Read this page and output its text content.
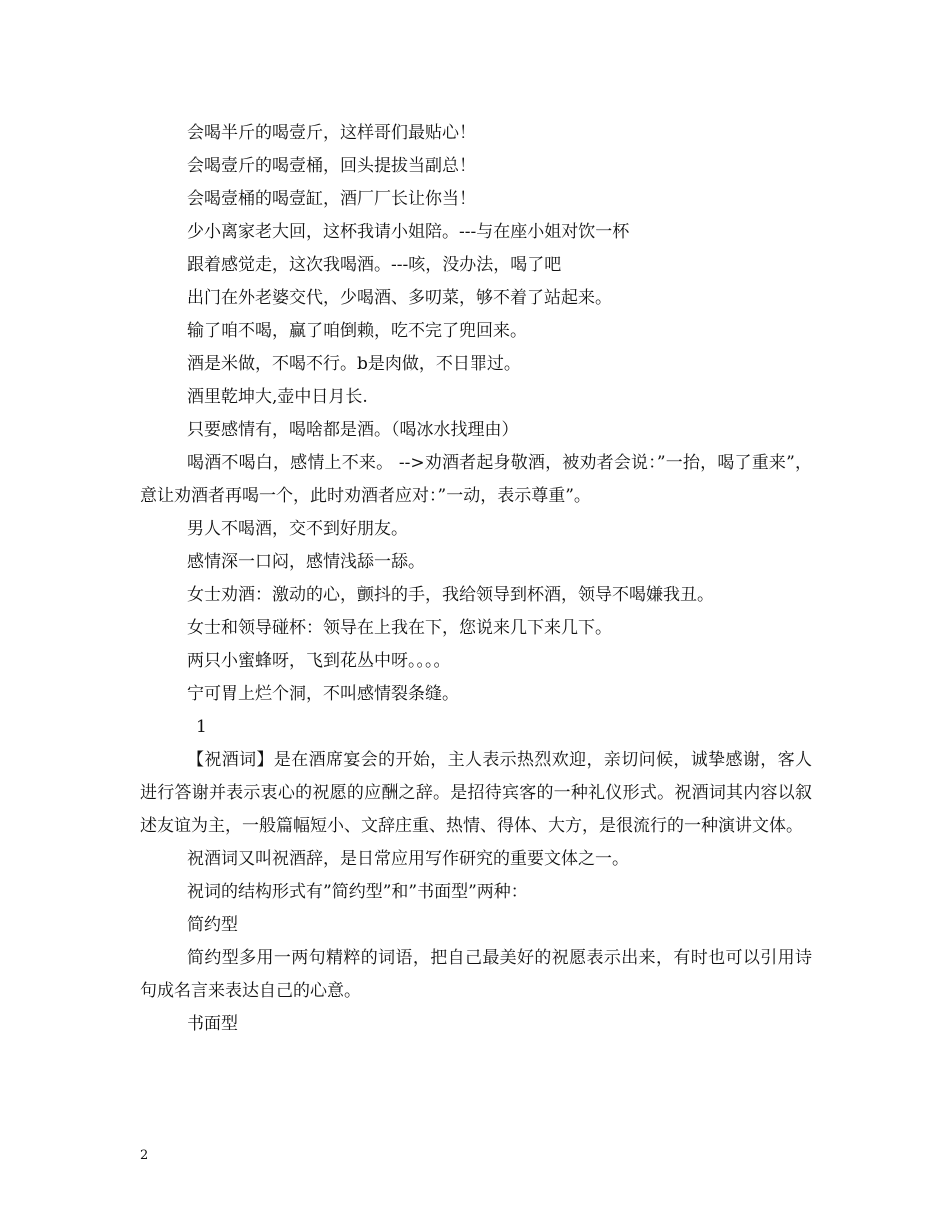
会喝半斤的喝壹斤，这样哥们最贴心！

会喝壹斤的喝壹桶，回头提拔当副总！

会喝壹桶的喝壹缸，酒厂厂长让你当！

少小离家老大回，这杯我请小姐陪。---与在座小姐对饮一杯

跟着感觉走，这次我喝酒。---咳，没办法，喝了吧

出门在外老婆交代，少喝酒、多叨菜，够不着了站起来。

输了咱不喝，赢了咱倒赖，吃不完了兜回来。

酒是米做，不喝不行。b是肉做，不日罪过。

酒里乾坤大,壶中日月长.

只要感情有，喝啥都是酒。（喝冰水找理由）

喝酒不喝白，感情上不来。 -->劝酒者起身敬酒，被劝者会说：”一抬，喝了重来”，意让劝酒者再喝一个，此时劝酒者应对：”一动，表示尊重”。

男人不喝酒，交不到好朋友。

感情深一口闷，感情浅舔一舔。

女士劝酒：激动的心，颤抖的手，我给领导到杯酒，领导不喝嫌我丑。

女士和领导碰杯：领导在上我在下，您说来几下来几下。

两只小蜜蜂呀，飞到花丛中呀。。。。

宁可胃上烂个洞，不叫感情裂条缝。

1

【祝酒词】是在酒席宴会的开始，主人表示热烈欢迎，亲切问候，诚挚感谢，客人进行答谢并表示衷心的祝愿的应酬之辞。是招待宾客的一种礼仪形式。祝酒词其内容以叙述友谊为主，一般篇幅短小、文辞庄重、热情、得体、大方，是很流行的一种演讲文体。

祝酒词又叫祝酒辞，是日常应用写作研究的重要文体之一。

祝词的结构形式有”简约型”和”书面型”两种：

简约型

简约型多用一两句精粹的词语，把自己最美好的祝愿表示出来，有时也可以引用诗句成名言来表达自己的心意。

书面型

2
